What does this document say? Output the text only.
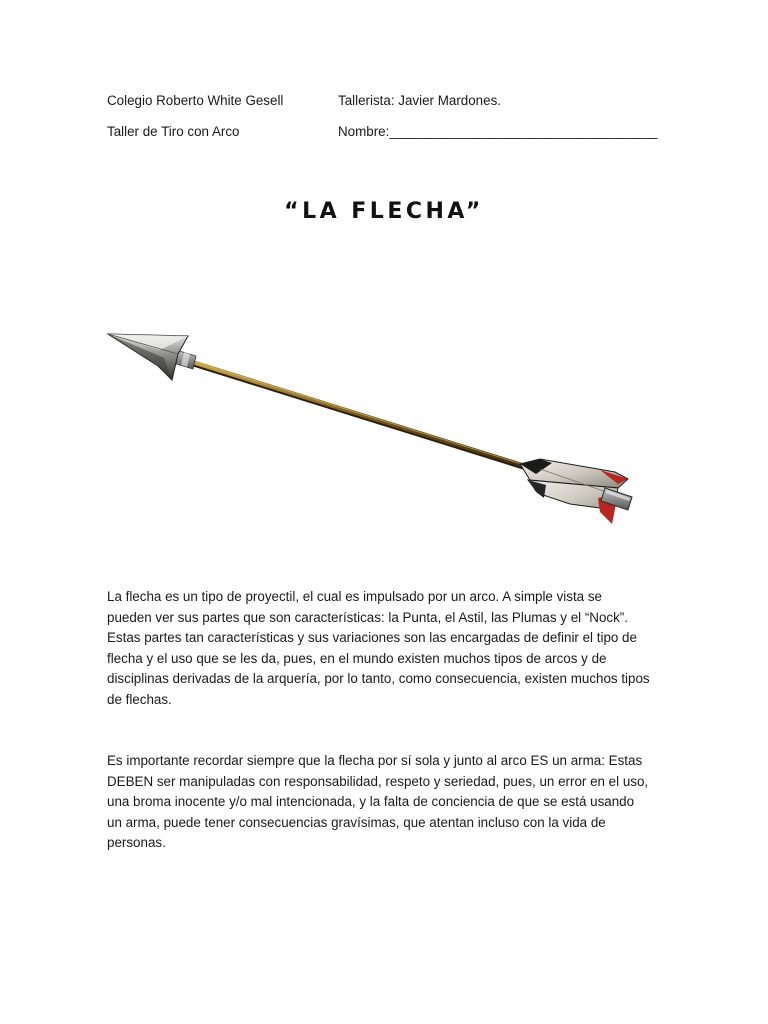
Colegio Roberto White Gesell	Tallerista: Javier Mardones.
Taller de Tiro con Arco	Nombre:____________________________________
“LA FLECHA”
La flecha es un tipo de proyectil, el cual es impulsado por un arco. A simple vista se
pueden ver sus partes que son características: la Punta, el Astil, las Plumas y el “Nock”.
Estas partes tan características y sus variaciones son las encargadas de definir el tipo de
flecha y el uso que se les da, pues, en el mundo existen muchos tipos de arcos y de
disciplinas derivadas de la arquería, por lo tanto, como consecuencia, existen muchos tipos
de flechas.
Es importante recordar siempre que la flecha por sí sola y junto al arco ES un arma: Estas
DEBEN ser manipuladas con responsabilidad, respeto y seriedad, pues, un error en el uso,
una broma inocente y/o mal intencionada, y la falta de conciencia de que se está usando
un arma, puede tener consecuencias gravísimas, que atentan incluso con la vida de
personas.
